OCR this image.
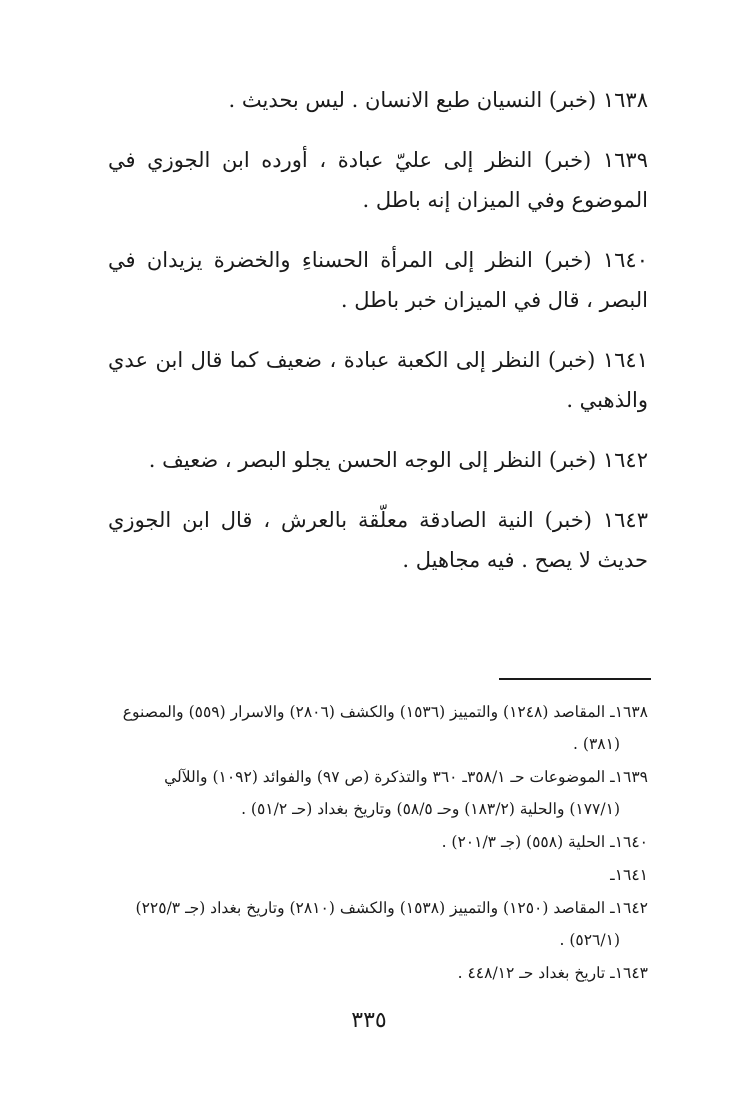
١٦٣٨ (خبر) النسيان طبع الانسان . ليس بحديث .

١٦٣٩ (خبر) النظر إلى عليّ عبادة ، أورده ابن الجوزي في الموضوع وفي الميزان إنه باطل .

١٦٤٠ (خبر) النظر إلى المرأة الحسناءِ والخضرة يزيدان في البصر ، قال في الميزان خبر باطل .

١٦٤١ (خبر) النظر إلى الكعبة عبادة ، ضعيف كما قال ابن عدي والذهبي .

١٦٤٢ (خبر) النظر إلى الوجه الحسن يجلو البصر ، ضعيف .

١٦٤٣ (خبر) النية الصادقة معلّقة بالعرش ، قال ابن الجوزي حديث لا يصح . فيه مجاهيل .

١٦٣٨ـ المقاصد (١٢٤٨) والتمييز (١٥٣٦) والكشف (٢٨٠٦) والاسرار (٥٥٩) والمصنوع
(٣٨١) .
١٦٣٩ـ الموضوعات حـ ٣٥٨/١ـ ٣٦٠ والتذكرة (ص ٩٧) والفوائد (١٠٩٢) واللآلي
(١٧٧/١) والحلية (١٨٣/٢) وحـ ٥٨/٥) وتاريخ بغداد (حـ ٥١/٢) .
١٦٤٠ـ الحلية (٥٥٨) (جـ ٢٠١/٣) .
١٦٤١ـ
١٦٤٢ـ المقاصد (١٢٥٠) والتمييز (١٥٣٨) والكشف (٢٨١٠) وتاريخ بغداد (جـ ٢٢٥/٣)
(٥٢٦/١) .
١٦٤٣ـ تاريخ بغداد حـ ٤٤٨/١٢ .
٣٣٥
